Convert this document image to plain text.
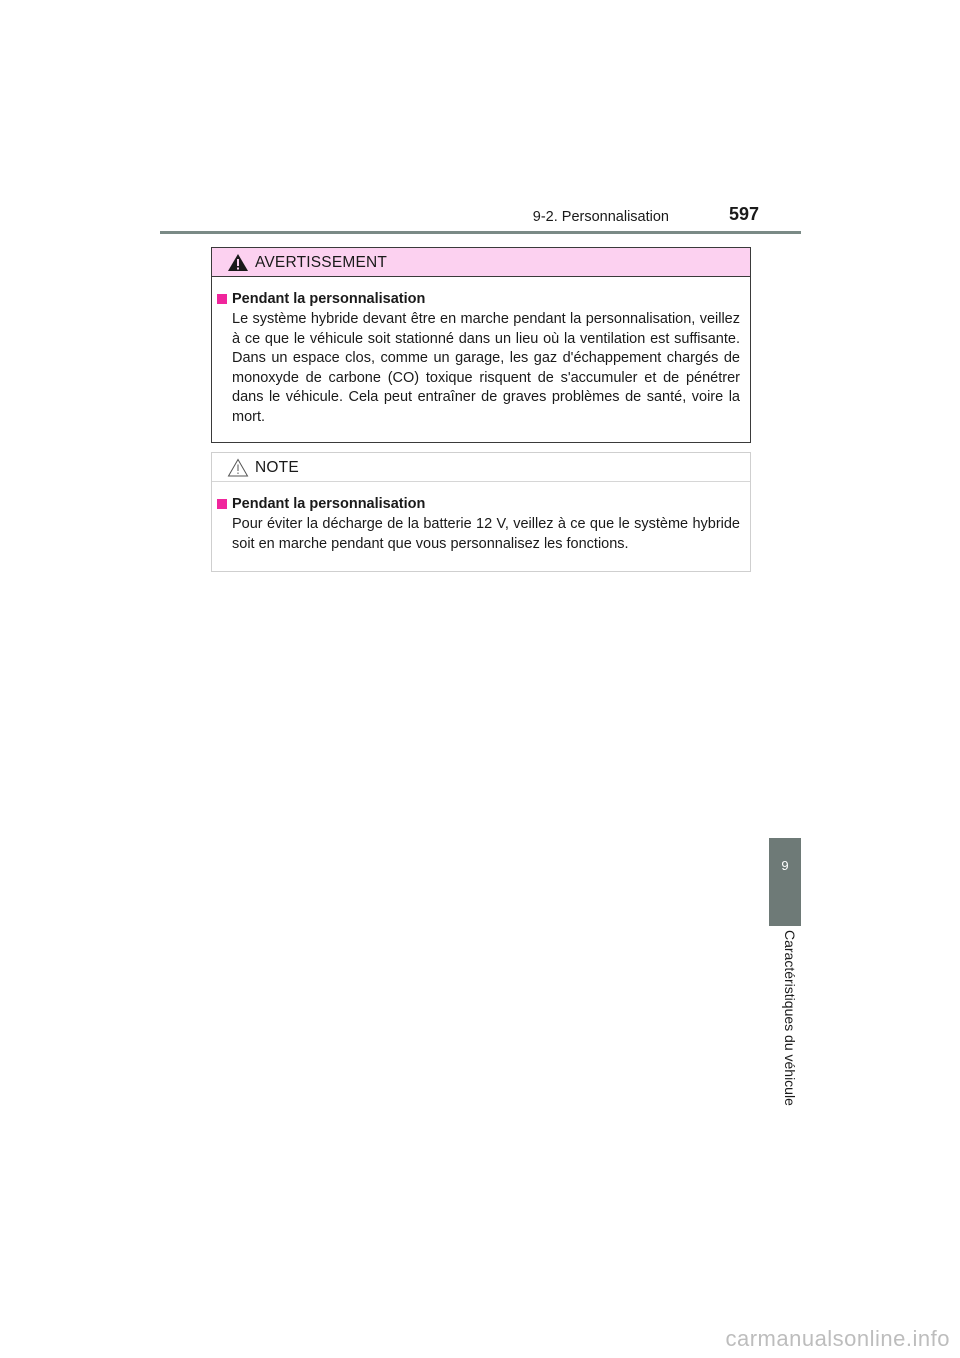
9-2. Personnalisation	597
AVERTISSEMENT
Pendant la personnalisation
Le système hybride devant être en marche pendant la personnalisation, veillez à ce que le véhicule soit stationné dans un lieu où la ventilation est suffisante. Dans un espace clos, comme un garage, les gaz d'échappement chargés de monoxyde de carbone (CO) toxique risquent de s'accumuler et de pénétrer dans le véhicule. Cela peut entraîner de graves problèmes de santé, voire la mort.
NOTE
Pendant la personnalisation
Pour éviter la décharge de la batterie 12 V, veillez à ce que le système hybride soit en marche pendant que vous personnalisez les fonctions.
9
Caractéristiques du véhicule
carmanualsonline.info
